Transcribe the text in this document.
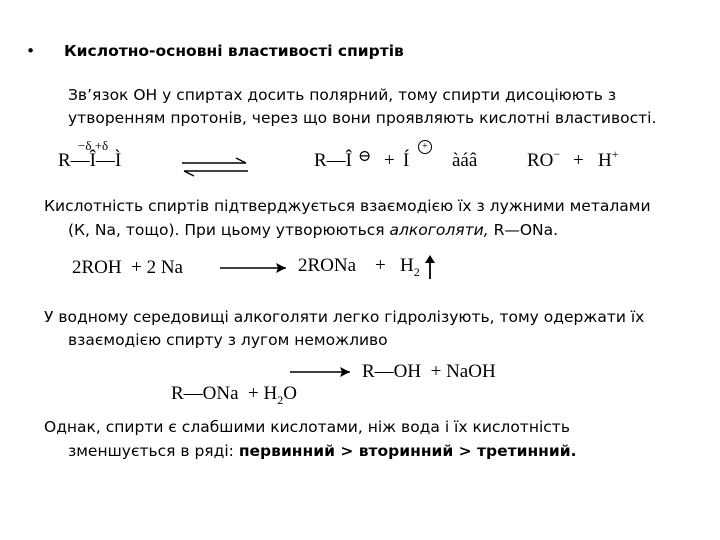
• Кислотно-основні властивості спиртів
Зв’язок ОН у спиртах досить полярний, тому спирти дисоціюють з
утворенням протонів, через що вони проявляють кислотні властивості.
−δ +δ
R—Î—Ì	R—Î ⊖ + Í
+
àáâ	RO− + H+
Кислотність спиртів підтверджується взаємодією їх з лужними металами
(К, Na, тощо). При цьому утворюються алкоголяти, R—ONa.
2ROH  + 2 Na	2RONa + $H_2$
У водному середовищі алкоголяти легко гідролізують, тому одержати їх
взаємодією спирту з лугом неможливо

R—ONa  + $H_2O$

→ R—OH  + NaOH
Однак, спирти є слабшими кислотами, ніж вода і їх кислотність
зменшується в ряді: первинний > вторинний > третинний.
